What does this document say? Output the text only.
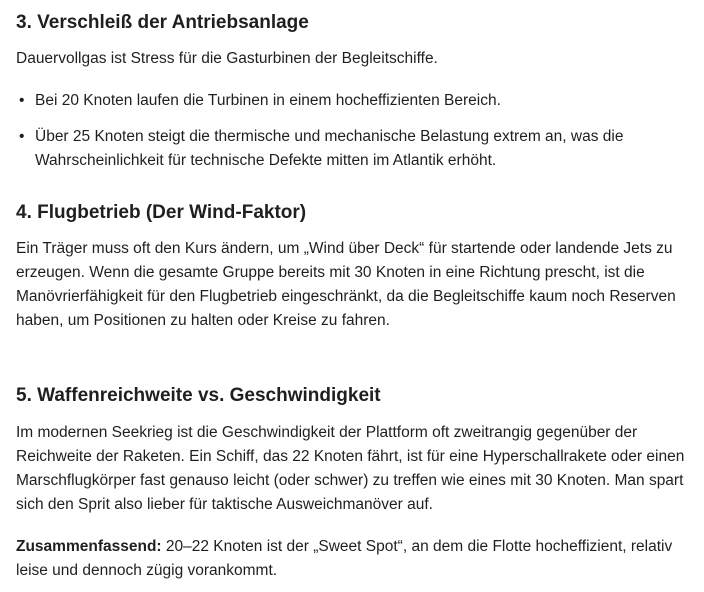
3. Verschleiß der Antriebsanlage

Dauervollgas ist Stress für die Gasturbinen der Begleitschiffe.

• Bei 20 Knoten laufen die Turbinen in einem hocheffizienten Bereich.
• Über 25 Knoten steigt die thermische und mechanische Belastung extrem an, was die Wahrscheinlichkeit für technische Defekte mitten im Atlantik erhöht.
4. Flugbetrieb (Der Wind-Faktor)

Ein Träger muss oft den Kurs ändern, um „Wind über Deck“ für startende oder landende Jets zu erzeugen. Wenn die gesamte Gruppe bereits mit 30 Knoten in eine Richtung prescht, ist die Manövrierfähigkeit für den Flugbetrieb eingeschränkt, da die Begleitschiffe kaum noch Reserven haben, um Positionen zu halten oder Kreise zu fahren.

5. Waffenreichweite vs. Geschwindigkeit

Im modernen Seekrieg ist die Geschwindigkeit der Plattform oft zweitrangig gegenüber der Reichweite der Raketen. Ein Schiff, das 22 Knoten fährt, ist für eine Hyperschallrakete oder einen Marschflugkörper fast genauso leicht (oder schwer) zu treffen wie eines mit 30 Knoten. Man spart sich den Sprit also lieber für taktische Ausweichmanöver auf.

Zusammenfassend: 20–22 Knoten ist der „Sweet Spot“, an dem die Flotte hocheffizient, relativ leise und dennoch zügig vorankommt.
